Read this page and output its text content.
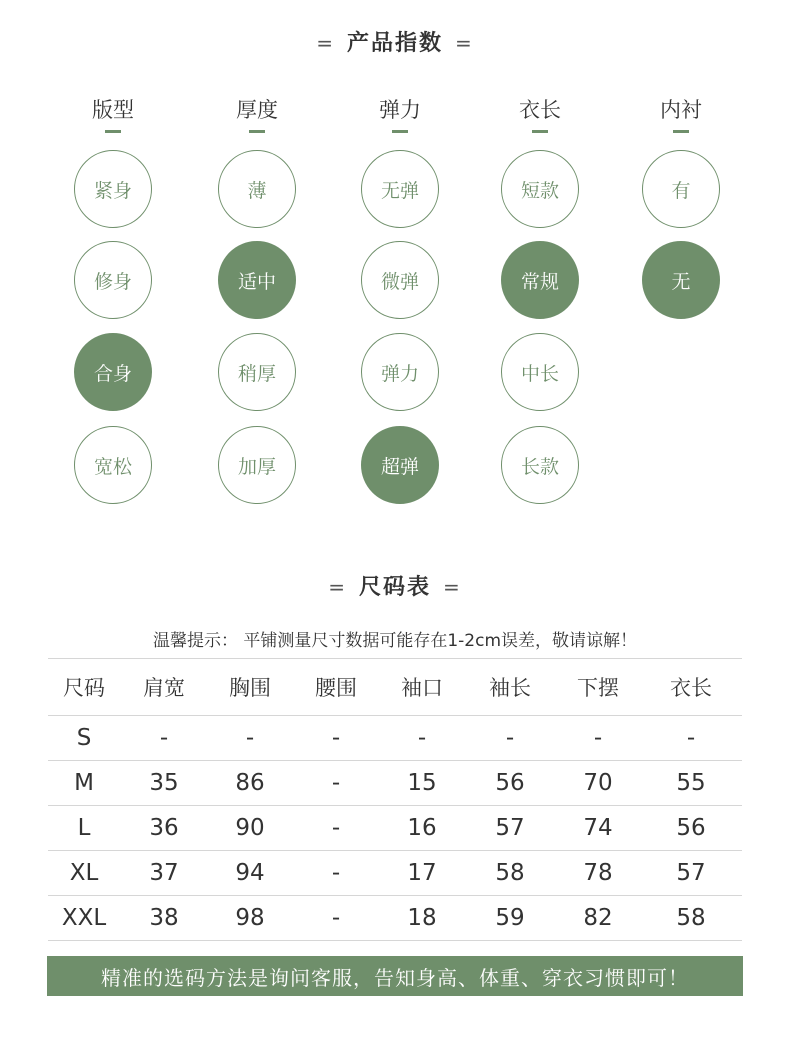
= 产品指数 =
版型
紧身
修身
合身
宽松
厚度
薄
适中
稍厚
加厚
弹力
无弹
微弹
弹力
超弹
衣长
短款
常规
中长
长款
内衬
有
无
= 尺码表 =
温馨提示： 平铺测量尺寸数据可能存在1-2cm误差，敬请谅解！
尺码	肩宽	胸围	腰围	袖口	袖长	下摆	衣长
S	-	-	-	-	-	-	-
M	35	86	-	15	56	70	55
L	36	90	-	16	57	74	56
XL	37	94	-	17	58	78	57
XXL	38	98	-	18	59	82	58
精准的选码方法是询问客服，告知身高、体重、穿衣习惯即可！
